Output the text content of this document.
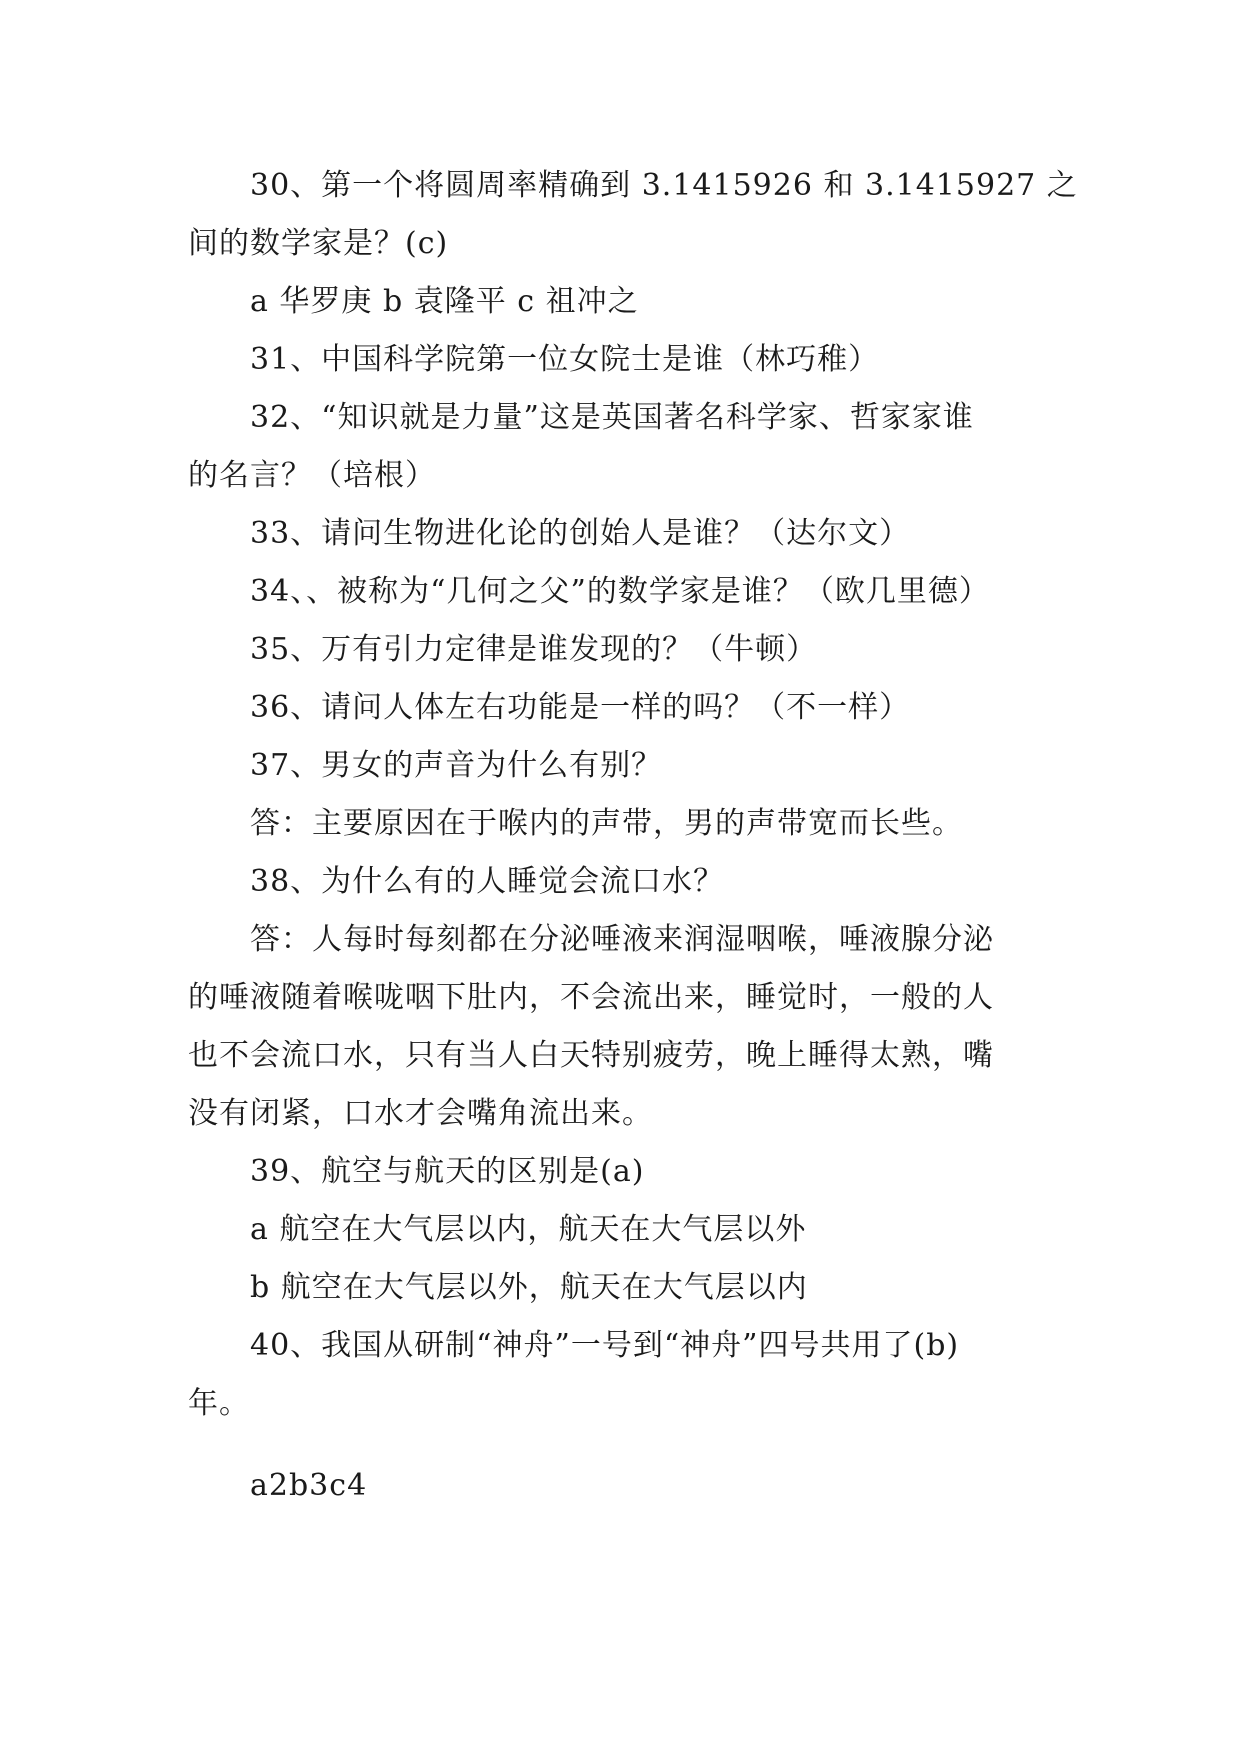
30、第一个将圆周率精确到 3.1415926 和 3.1415927 之
间的数学家是？(c)
a 华罗庚 b 袁隆平 c 祖冲之
31、中国科学院第一位女院士是谁（林巧稚）
32、“知识就是力量”这是英国著名科学家、哲家家谁
的名言？（培根）
33、请问生物进化论的创始人是谁？（达尔文）
34、、被称为“几何之父”的数学家是谁？（欧几里德）
35、万有引力定律是谁发现的？（牛顿）
36、请问人体左右功能是一样的吗？（不一样）
37、男女的声音为什么有别？
答：主要原因在于喉内的声带，男的声带宽而长些。
38、为什么有的人睡觉会流口水？
答：人每时每刻都在分泌唾液来润湿咽喉，唾液腺分泌
的唾液随着喉咙咽下肚内，不会流出来，睡觉时，一般的人
也不会流口水，只有当人白天特别疲劳，晚上睡得太熟，嘴
没有闭紧，口水才会嘴角流出来。
39、航空与航天的区别是(a)
a 航空在大气层以内，航天在大气层以外
b 航空在大气层以外，航天在大气层以内
40、我国从研制“神舟”一号到“神舟”四号共用了(b)
年。
a2b3c4
